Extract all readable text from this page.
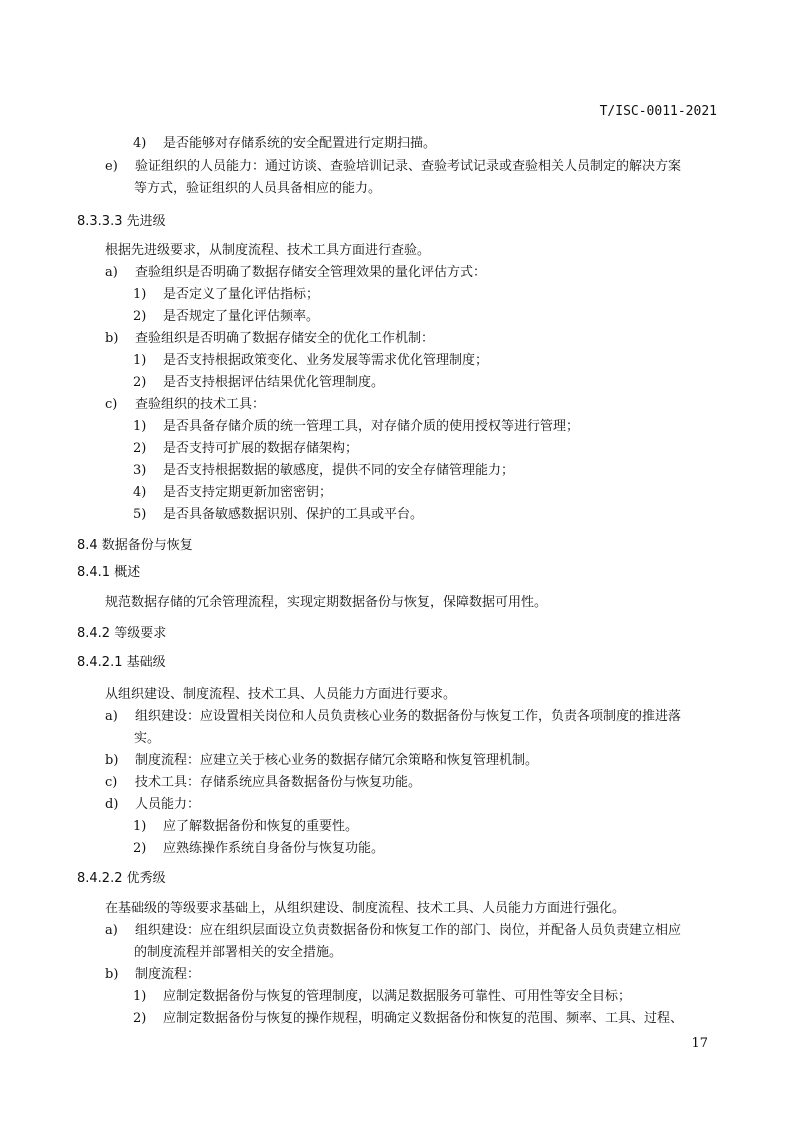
T/ISC-0011-2021
4) 是否能够对存储系统的安全配置进行定期扫描。
e) 验证组织的人员能力：通过访谈、查验培训记录、查验考试记录或查验相关人员制定的解决方案
等方式，验证组织的人员具备相应的能力。
8.3.3.3 先进级
根据先进级要求，从制度流程、技术工具方面进行查验。
a) 查验组织是否明确了数据存储安全管理效果的量化评估方式：
1) 是否定义了量化评估指标；
2) 是否规定了量化评估频率。
b) 查验组织是否明确了数据存储安全的优化工作机制：
1) 是否支持根据政策变化、业务发展等需求优化管理制度；
2) 是否支持根据评估结果优化管理制度。
c) 查验组织的技术工具：
1) 是否具备存储介质的统一管理工具，对存储介质的使用授权等进行管理；
2) 是否支持可扩展的数据存储架构；
3) 是否支持根据数据的敏感度，提供不同的安全存储管理能力；
4) 是否支持定期更新加密密钥；
5) 是否具备敏感数据识别、保护的工具或平台。
8.4 数据备份与恢复
8.4.1 概述
规范数据存储的冗余管理流程，实现定期数据备份与恢复，保障数据可用性。
8.4.2 等级要求
8.4.2.1 基础级
从组织建设、制度流程、技术工具、人员能力方面进行要求。
a) 组织建设：应设置相关岗位和人员负责核心业务的数据备份与恢复工作，负责各项制度的推进落
实。
b) 制度流程：应建立关于核心业务的数据存储冗余策略和恢复管理机制。
c) 技术工具：存储系统应具备数据备份与恢复功能。
d) 人员能力：
1) 应了解数据备份和恢复的重要性。
2) 应熟练操作系统自身备份与恢复功能。
8.4.2.2 优秀级
在基础级的等级要求基础上，从组织建设、制度流程、技术工具、人员能力方面进行强化。
a) 组织建设：应在组织层面设立负责数据备份和恢复工作的部门、岗位，并配备人员负责建立相应
的制度流程并部署相关的安全措施。
b) 制度流程：
1) 应制定数据备份与恢复的管理制度，以满足数据服务可靠性、可用性等安全目标；
2) 应制定数据备份与恢复的操作规程，明确定义数据备份和恢复的范围、频率、工具、过程、
17
